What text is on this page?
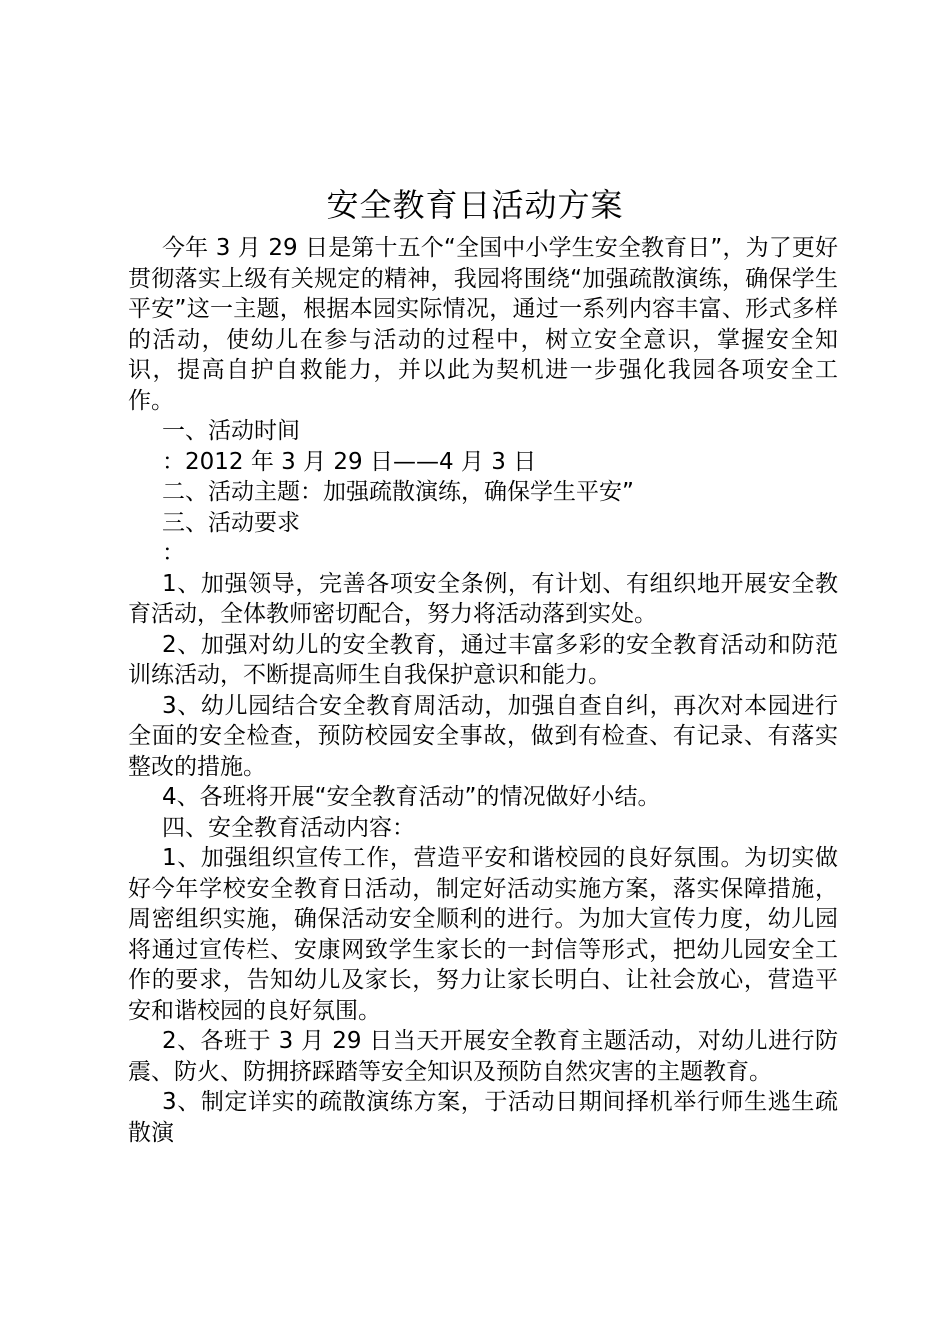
安全教育日活动方案

今年 3 月 29 日是第十五个“全国中小学生安全教育日”，为了更好贯彻落实上级有关规定的精神，我园将围绕“加强疏散演练，确保学生平安”这一主题，根据本园实际情况，通过一系列内容丰富、形式多样的活动，使幼儿在参与活动的过程中，树立安全意识，掌握安全知识，提高自护自救能力，并以此为契机进一步强化我园各项安全工作。

一、活动时间

：2012 年 3 月 29 日——4 月 3 日

二、活动主题：加强疏散演练，确保学生平安”

三、活动要求

：

1、加强领导，完善各项安全条例，有计划、有组织地开展安全教育活动，全体教师密切配合，努力将活动落到实处。

2、加强对幼儿的安全教育，通过丰富多彩的安全教育活动和防范训练活动，不断提高师生自我保护意识和能力。

3、幼儿园结合安全教育周活动，加强自查自纠，再次对本园进行全面的安全检查，预防校园安全事故，做到有检查、有记录、有落实整改的措施。

4、各班将开展“安全教育活动”的情况做好小结。

四、安全教育活动内容：

1、加强组织宣传工作，营造平安和谐校园的良好氛围。为切实做好今年学校安全教育日活动，制定好活动实施方案，落实保障措施，周密组织实施，确保活动安全顺利的进行。为加大宣传力度，幼儿园将通过宣传栏、安康网致学生家长的一封信等形式，把幼儿园安全工作的要求，告知幼儿及家长，努力让家长明白、让社会放心，营造平安和谐校园的良好氛围。

2、各班于 3 月 29 日当天开展安全教育主题活动，对幼儿进行防震、防火、防拥挤踩踏等安全知识及预防自然灾害的主题教育。

3、制定详实的疏散演练方案，于活动日期间择机举行师生逃生疏散演
